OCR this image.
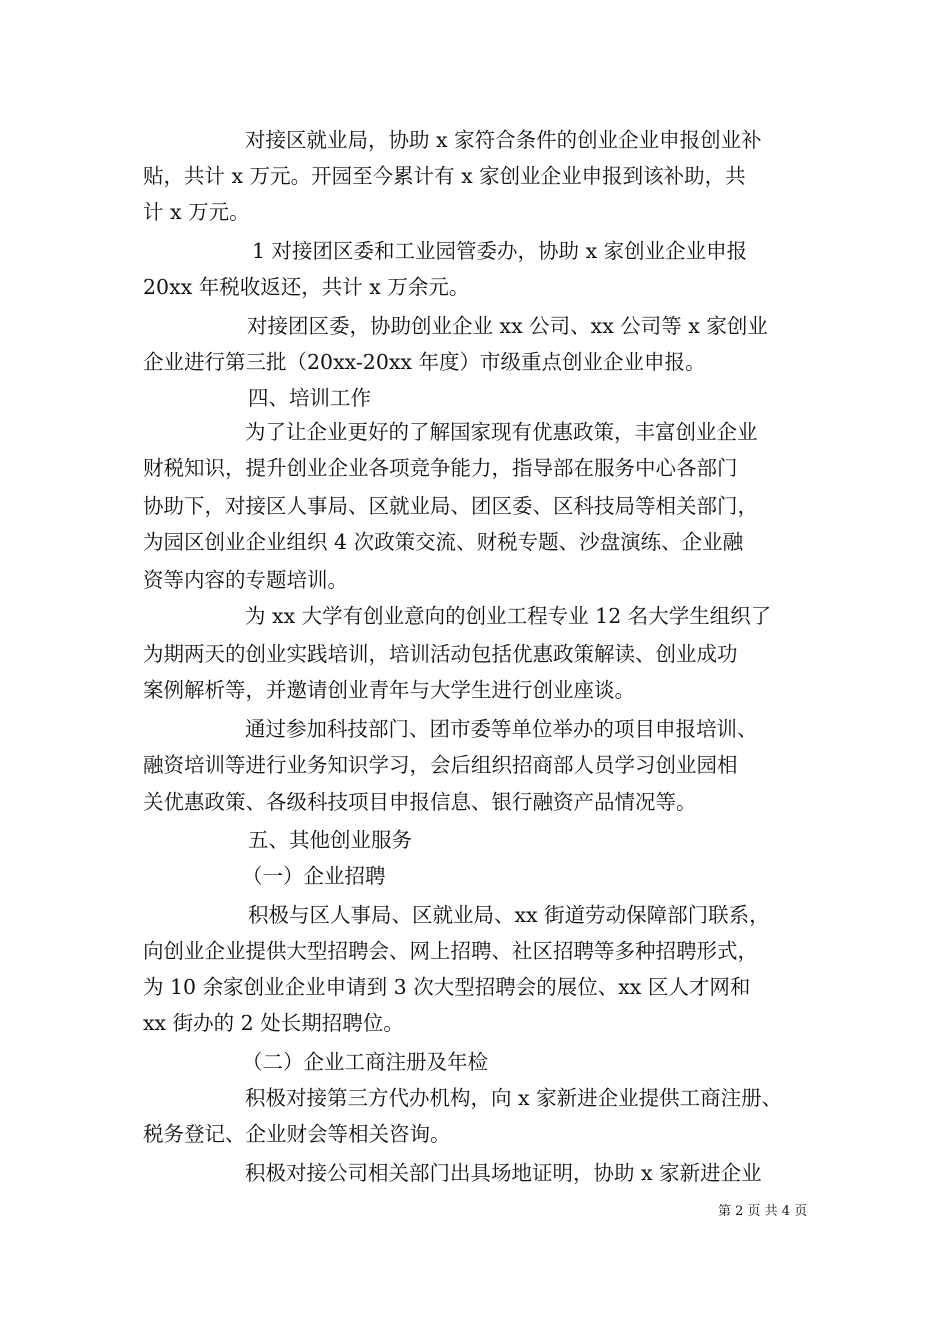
对接区就业局，协助 x 家符合条件的创业企业申报创业补
贴，共计 x 万元。开园至今累计有 x 家创业企业申报到该补助，共
计 x 万元。
1 对接团区委和工业园管委办，协助 x 家创业企业申报
20xx 年税收返还，共计 x 万余元。
对接团区委，协助创业企业 xx 公司、xx 公司等 x 家创业
企业进行第三批（20xx-20xx 年度）市级重点创业企业申报。
四、培训工作
为了让企业更好的了解国家现有优惠政策，丰富创业企业
财税知识，提升创业企业各项竞争能力，指导部在服务中心各部门
协助下，对接区人事局、区就业局、团区委、区科技局等相关部门，
为园区创业企业组织 4 次政策交流、财税专题、沙盘演练、企业融
资等内容的专题培训。
为 xx 大学有创业意向的创业工程专业 12 名大学生组织了
为期两天的创业实践培训，培训活动包括优惠政策解读、创业成功
案例解析等，并邀请创业青年与大学生进行创业座谈。
通过参加科技部门、团市委等单位举办的项目申报培训、
融资培训等进行业务知识学习，会后组织招商部人员学习创业园相
关优惠政策、各级科技项目申报信息、银行融资产品情况等。
五、其他创业服务
（一）企业招聘
积极与区人事局、区就业局、xx 街道劳动保障部门联系，
向创业企业提供大型招聘会、网上招聘、社区招聘等多种招聘形式，
为 10 余家创业企业申请到 3 次大型招聘会的展位、xx 区人才网和
xx 街办的 2 处长期招聘位。
（二）企业工商注册及年检
积极对接第三方代办机构，向 x 家新进企业提供工商注册、
税务登记、企业财会等相关咨询。
积极对接公司相关部门出具场地证明，协助 x 家新进企业
第 2 页 共 4 页
